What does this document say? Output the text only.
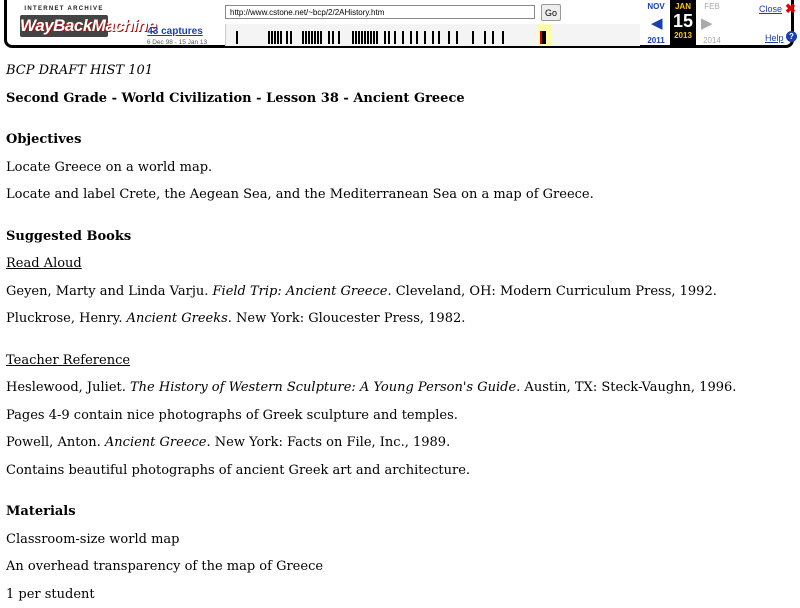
INTERNET ARCHIVE
WayBackMachine
43 captures
6 Dec 98 - 15 Jan 13
http://www.cstone.net/~bcp/2/2AHistory.htm	Go
NOV
◀
JAN
15
2013
FEB
▶
2011	2014
Close ✖
Help ?

BCP DRAFT HIST 101

Second Grade - World Civilization - Lesson 38 - Ancient Greece

Objectives

Locate Greece on a world map.

Locate and label Crete, the Aegean Sea, and the Mediterranean Sea on a map of Greece.

Suggested Books

Read Aloud

Geyen, Marty and Linda Varju. Field Trip: Ancient Greece. Cleveland, OH: Modern Curriculum Press, 1992.

Pluckrose, Henry. Ancient Greeks. New York: Gloucester Press, 1982.

Teacher Reference

Heslewood, Juliet. The History of Western Sculpture: A Young Person's Guide. Austin, TX: Steck-Vaughn, 1996.

Pages 4-9 contain nice photographs of Greek sculpture and temples.

Powell, Anton. Ancient Greece. New York: Facts on File, Inc., 1989.

Contains beautiful photographs of ancient Greek art and architecture.

Materials

Classroom-size world map

An overhead transparency of the map of Greece

1 per student
